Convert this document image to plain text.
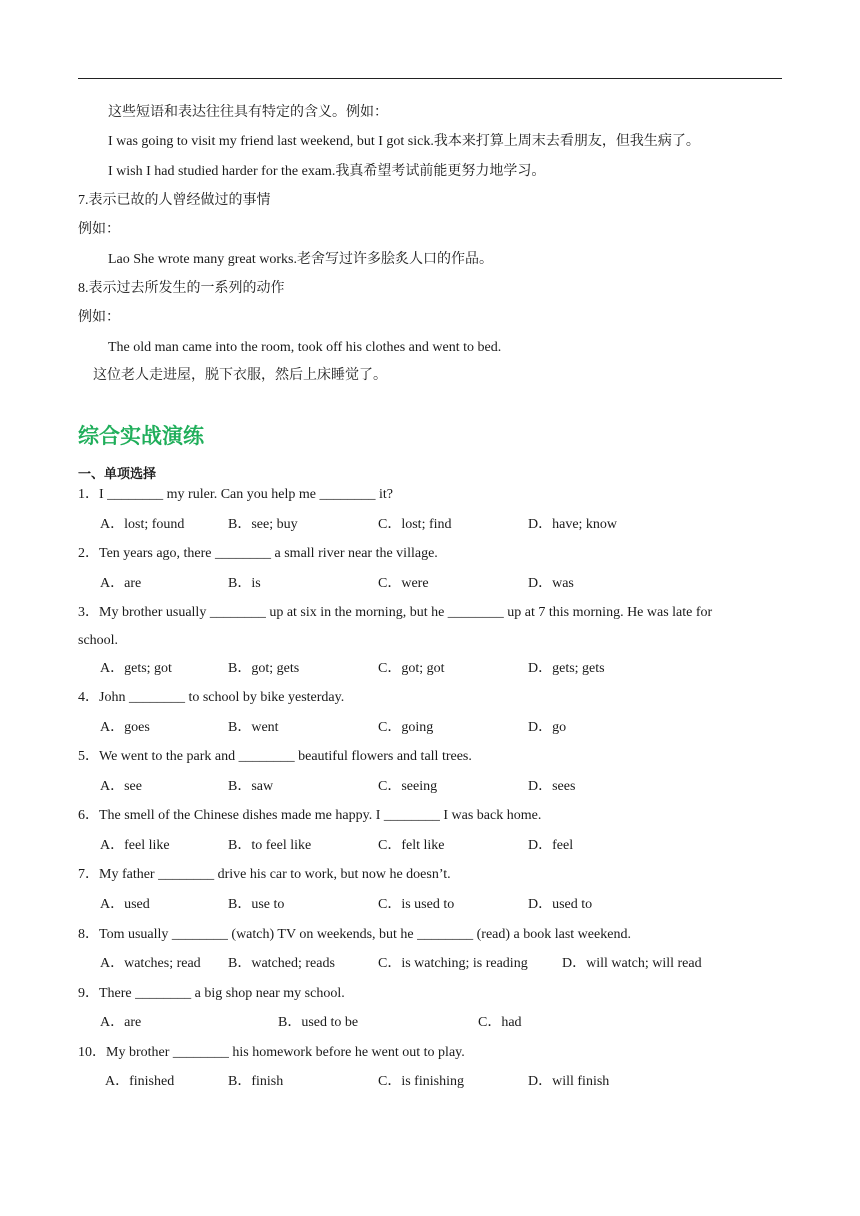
这些短语和表达往往具有特定的含义。例如：
I was going to visit my friend last weekend, but I got sick.我本来打算上周末去看朋友，但我生病了。
I wish I had studied harder for the exam.我真希望考试前能更努力地学习。
7.表示已故的人曾经做过的事情
例如：
Lao She wrote many great works.老舍写过许多脍炙人口的作品。
8.表示过去所发生的一系列的动作
例如：
The old man came into the room, took off his clothes and went to bed.
这位老人走进屋，脱下衣服，然后上床睡觉了。
综合实战演练
一、单项选择
1．I ________ my ruler. Can you help me ________ it?
A．lost; found	B．see; buy	C．lost; find	D．have; know
2．Ten years ago, there ________ a small river near the village.
A．are	B．is	C．were	D．was
3．My brother usually ________ up at six in the morning, but he ________ up at 7 this morning. He was late for
school.
A．gets; got	B．got; gets	C．got; got	D．gets; gets
4．John ________ to school by bike yesterday.
A．goes	B．went	C．going	D．go
5．We went to the park and ________ beautiful flowers and tall trees.
A．see	B．saw	C．seeing	D．sees
6．The smell of the Chinese dishes made me happy. I ________ I was back home.
A．feel like	B．to feel like	C．felt like	D．feel
7．My father ________ drive his car to work, but now he doesn’t.
A．used	B．use to	C．is used to	D．used to
8．Tom usually ________ (watch) TV on weekends, but he ________ (read) a book last weekend.
A．watches; read B．watched; reads	C．is watching; is reading D．will watch; will read
9．There ________ a big shop near my school.
A．are	B．used to be	C．had
10．My brother ________ his homework before he went out to play.
A．finished	B．finish	C．is finishing	D．will finish
